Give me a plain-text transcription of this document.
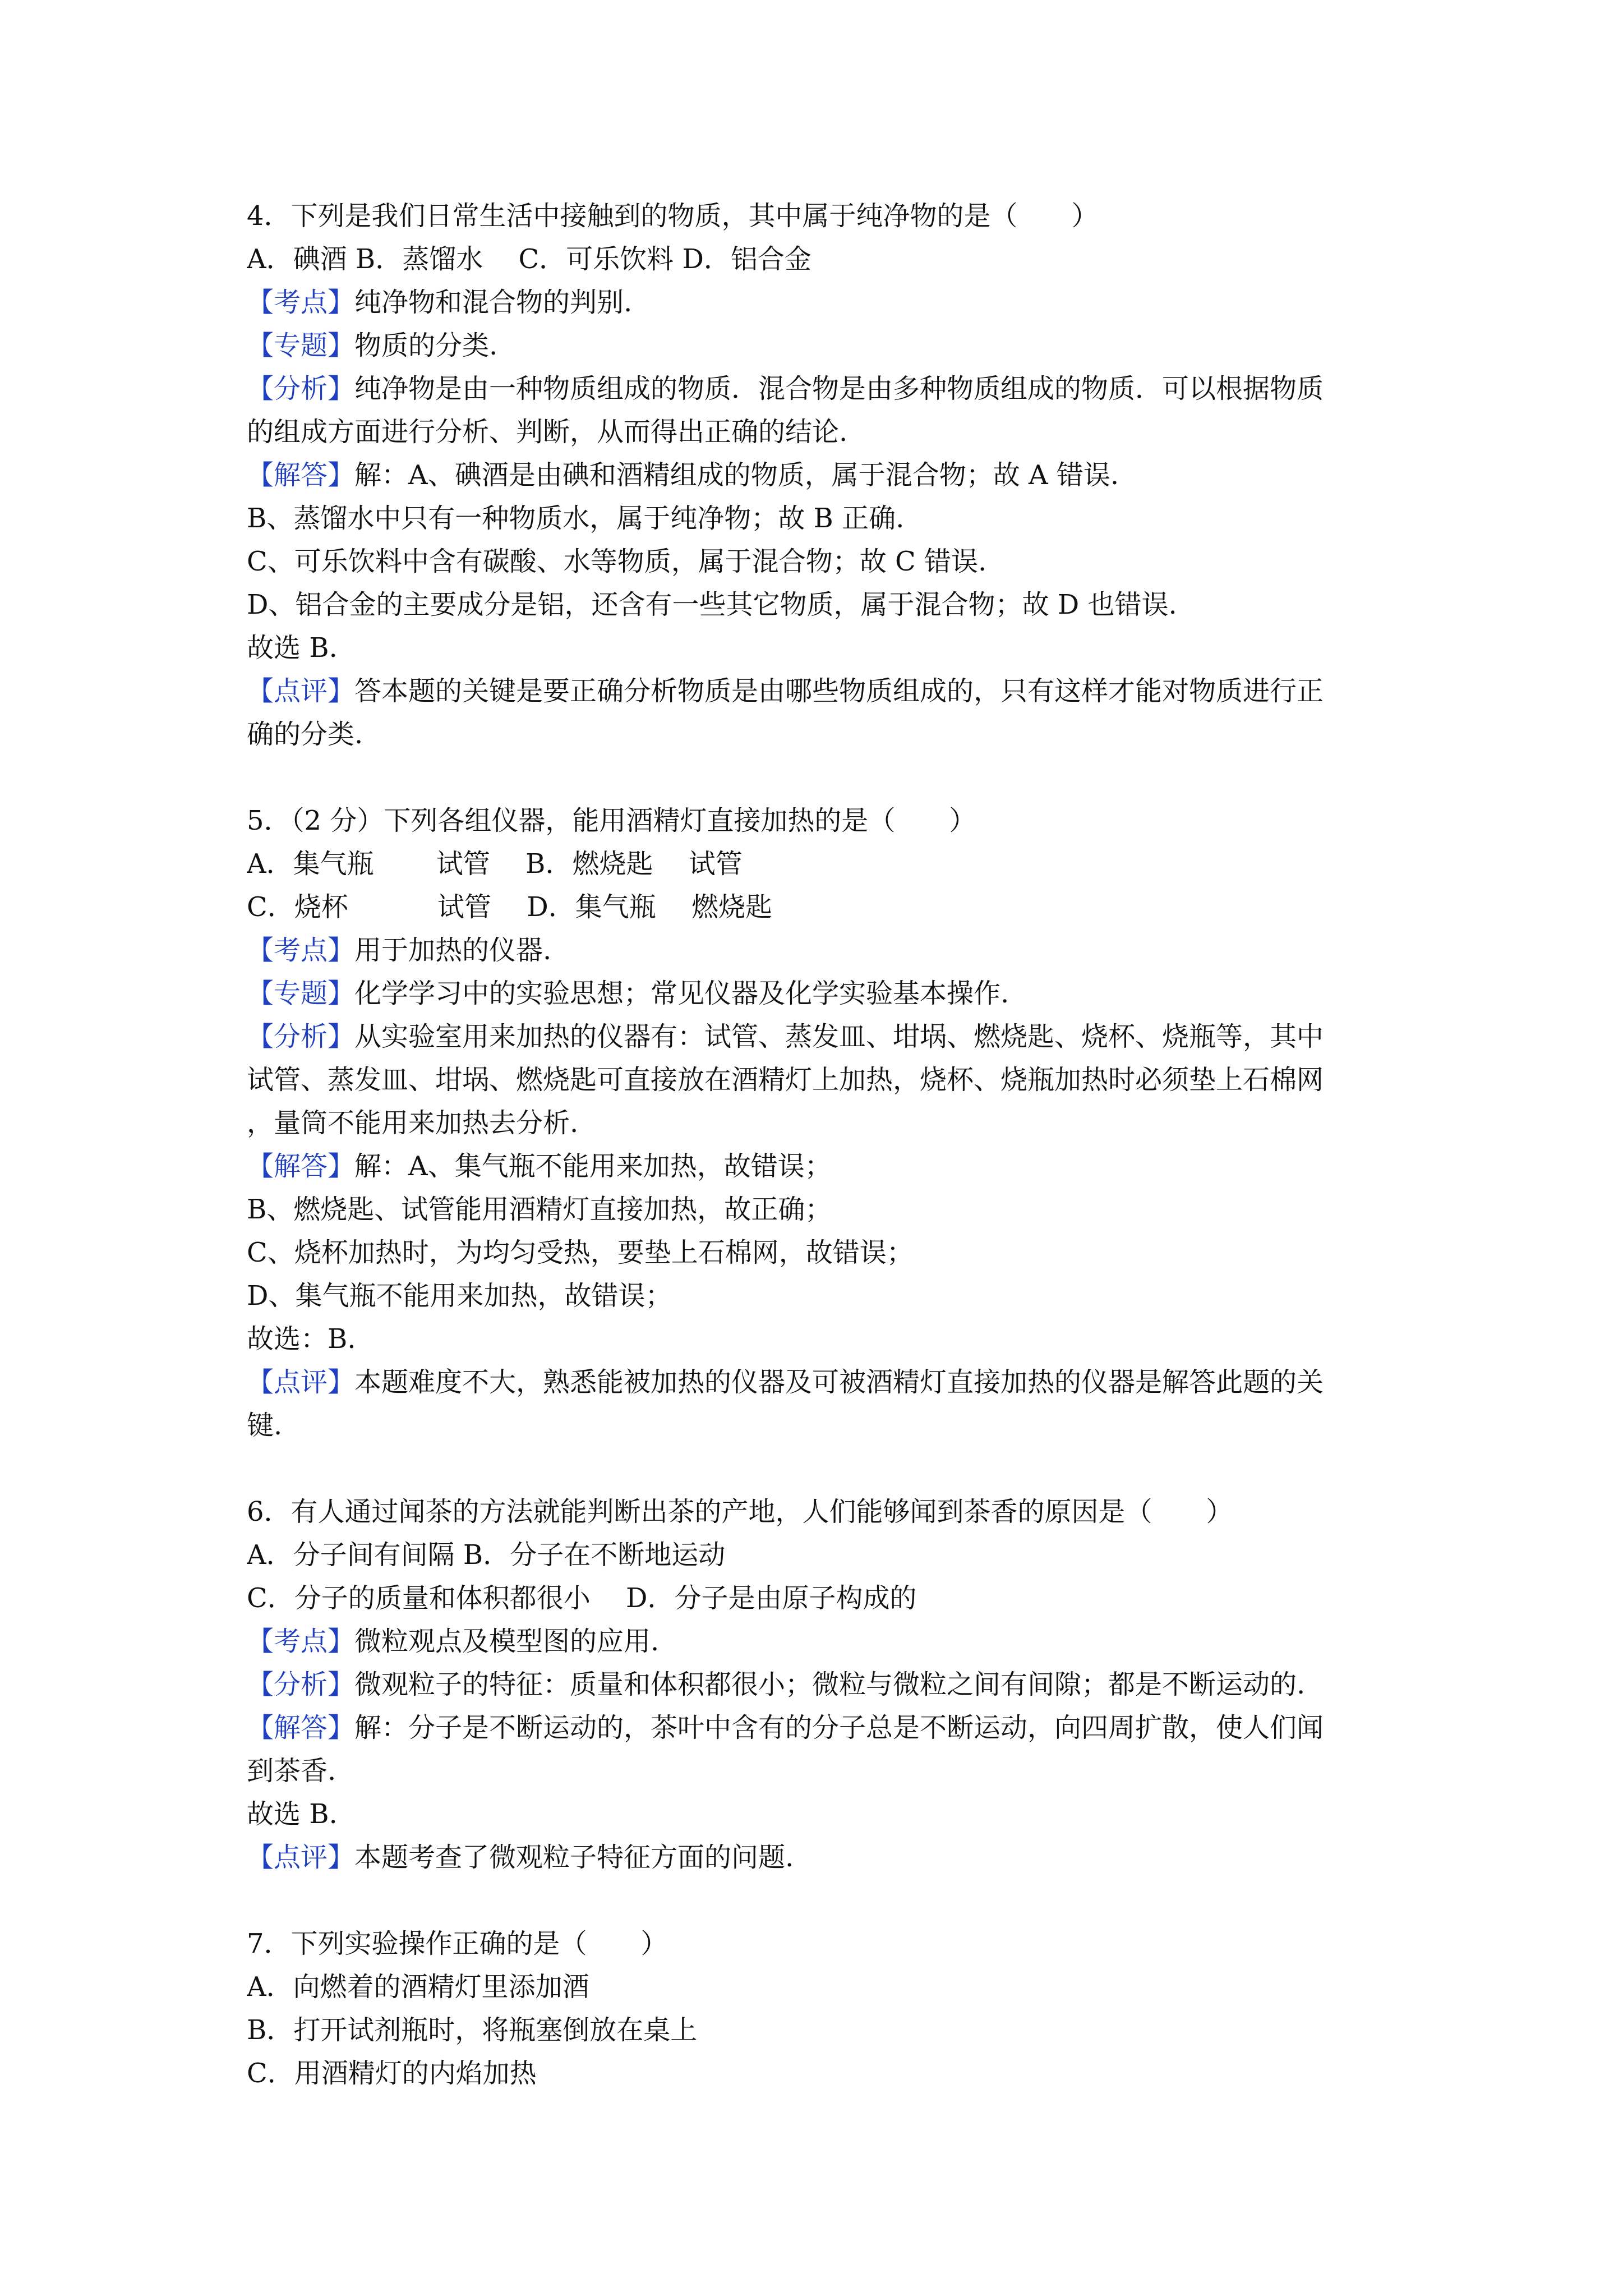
4．下列是我们日常生活中接触到的物质，其中属于纯净物的是（　　）
A．碘酒 B．蒸馏水　 C．可乐饮料 D．铝合金
【考点】纯净物和混合物的判别.
【专题】物质的分类.
【分析】纯净物是由一种物质组成的物质．混合物是由多种物质组成的物质．可以根据物质
的组成方面进行分析、判断，从而得出正确的结论.
【解答】解：A、碘酒是由碘和酒精组成的物质，属于混合物；故 A 错误.
B、蒸馏水中只有一种物质水，属于纯净物；故 B 正确.
C、可乐饮料中含有碳酸、水等物质，属于混合物；故 C 错误.
D、铝合金的主要成分是铝，还含有一些其它物质，属于混合物；故 D 也错误.
故选 B.
【点评】答本题的关键是要正确分析物质是由哪些物质组成的，只有这样才能对物质进行正
确的分类.
5．（2 分）下列各组仪器，能用酒精灯直接加热的是（　　）
A．集气瓶　　 试管　 B．燃烧匙　 试管
C．烧杯　　　 试管　 D．集气瓶　 燃烧匙
【考点】用于加热的仪器.
【专题】化学学习中的实验思想；常见仪器及化学实验基本操作.
【分析】从实验室用来加热的仪器有：试管、蒸发皿、坩埚、燃烧匙、烧杯、烧瓶等，其中
试管、蒸发皿、坩埚、燃烧匙可直接放在酒精灯上加热，烧杯、烧瓶加热时必须垫上石棉网
，量筒不能用来加热去分析.
【解答】解：A、集气瓶不能用来加热，故错误；
B、燃烧匙、试管能用酒精灯直接加热，故正确；
C、烧杯加热时，为均匀受热，要垫上石棉网，故错误；
D、集气瓶不能用来加热，故错误；
故选：B.
【点评】本题难度不大，熟悉能被加热的仪器及可被酒精灯直接加热的仪器是解答此题的关
键.
6．有人通过闻茶的方法就能判断出茶的产地，人们能够闻到茶香的原因是（　　）
A．分子间有间隔 B．分子在不断地运动
C．分子的质量和体积都很小　 D．分子是由原子构成的
【考点】微粒观点及模型图的应用.
【分析】微观粒子的特征：质量和体积都很小；微粒与微粒之间有间隙；都是不断运动的.
【解答】解：分子是不断运动的，茶叶中含有的分子总是不断运动，向四周扩散，使人们闻
到茶香.
故选 B.
【点评】本题考查了微观粒子特征方面的问题.
7．下列实验操作正确的是（　　）
A．向燃着的酒精灯里添加酒
B．打开试剂瓶时，将瓶塞倒放在桌上
C．用酒精灯的内焰加热
